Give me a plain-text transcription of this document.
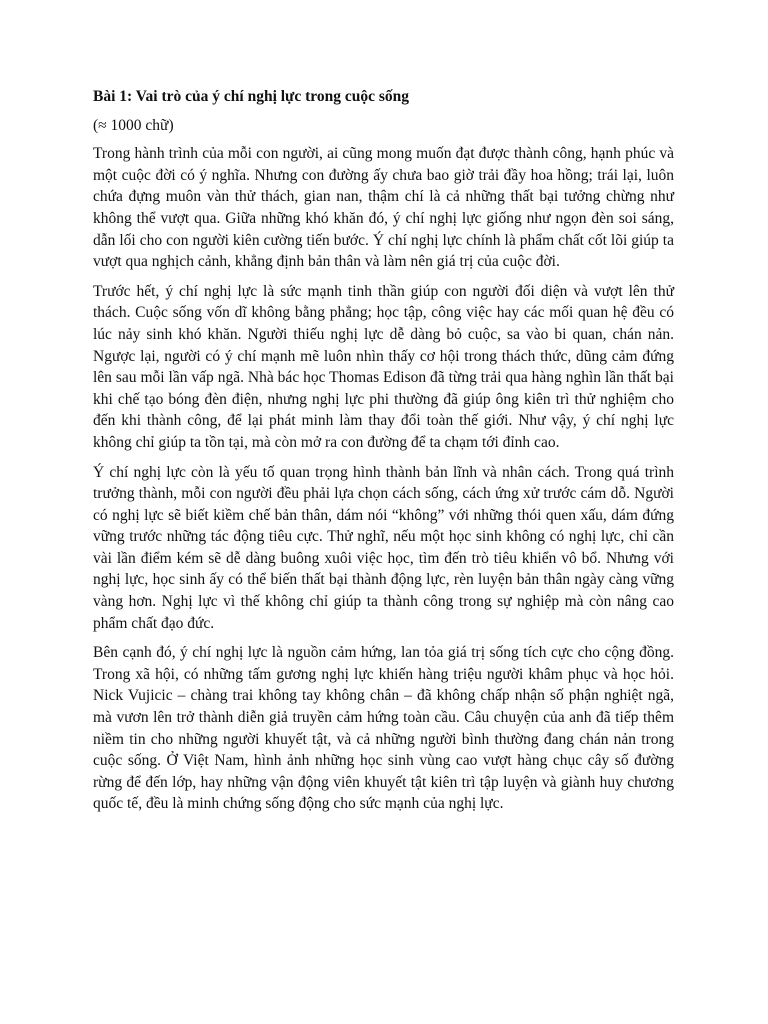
Bài 1: Vai trò của ý chí nghị lực trong cuộc sống

(≈ 1000 chữ)

Trong hành trình của mỗi con người, ai cũng mong muốn đạt được thành công, hạnh phúc và một cuộc đời có ý nghĩa. Nhưng con đường ấy chưa bao giờ trải đầy hoa hồng; trái lại, luôn chứa đựng muôn vàn thử thách, gian nan, thậm chí là cả những thất bại tưởng chừng như không thể vượt qua. Giữa những khó khăn đó, ý chí nghị lực giống như ngọn đèn soi sáng, dẫn lối cho con người kiên cường tiến bước. Ý chí nghị lực chính là phẩm chất cốt lõi giúp ta vượt qua nghịch cảnh, khẳng định bản thân và làm nên giá trị của cuộc đời.

Trước hết, ý chí nghị lực là sức mạnh tinh thần giúp con người đối diện và vượt lên thử thách. Cuộc sống vốn dĩ không bằng phẳng; học tập, công việc hay các mối quan hệ đều có lúc nảy sinh khó khăn. Người thiếu nghị lực dễ dàng bỏ cuộc, sa vào bi quan, chán nản. Ngược lại, người có ý chí mạnh mẽ luôn nhìn thấy cơ hội trong thách thức, dũng cảm đứng lên sau mỗi lần vấp ngã. Nhà bác học Thomas Edison đã từng trải qua hàng nghìn lần thất bại khi chế tạo bóng đèn điện, nhưng nghị lực phi thường đã giúp ông kiên trì thử nghiệm cho đến khi thành công, để lại phát minh làm thay đổi toàn thế giới. Như vậy, ý chí nghị lực không chỉ giúp ta tồn tại, mà còn mở ra con đường để ta chạm tới đỉnh cao.

Ý chí nghị lực còn là yếu tố quan trọng hình thành bản lĩnh và nhân cách. Trong quá trình trưởng thành, mỗi con người đều phải lựa chọn cách sống, cách ứng xử trước cám dỗ. Người có nghị lực sẽ biết kiềm chế bản thân, dám nói “không” với những thói quen xấu, dám đứng vững trước những tác động tiêu cực. Thử nghĩ, nếu một học sinh không có nghị lực, chỉ cần vài lần điểm kém sẽ dễ dàng buông xuôi việc học, tìm đến trò tiêu khiển vô bổ. Nhưng với nghị lực, học sinh ấy có thể biến thất bại thành động lực, rèn luyện bản thân ngày càng vững vàng hơn. Nghị lực vì thế không chỉ giúp ta thành công trong sự nghiệp mà còn nâng cao phẩm chất đạo đức.

Bên cạnh đó, ý chí nghị lực là nguồn cảm hứng, lan tỏa giá trị sống tích cực cho cộng đồng. Trong xã hội, có những tấm gương nghị lực khiến hàng triệu người khâm phục và học hỏi. Nick Vujicic – chàng trai không tay không chân – đã không chấp nhận số phận nghiệt ngã, mà vươn lên trở thành diễn giả truyền cảm hứng toàn cầu. Câu chuyện của anh đã tiếp thêm niềm tin cho những người khuyết tật, và cả những người bình thường đang chán nản trong cuộc sống. Ở Việt Nam, hình ảnh những học sinh vùng cao vượt hàng chục cây số đường rừng để đến lớp, hay những vận động viên khuyết tật kiên trì tập luyện và giành huy chương quốc tế, đều là minh chứng sống động cho sức mạnh của nghị lực.
